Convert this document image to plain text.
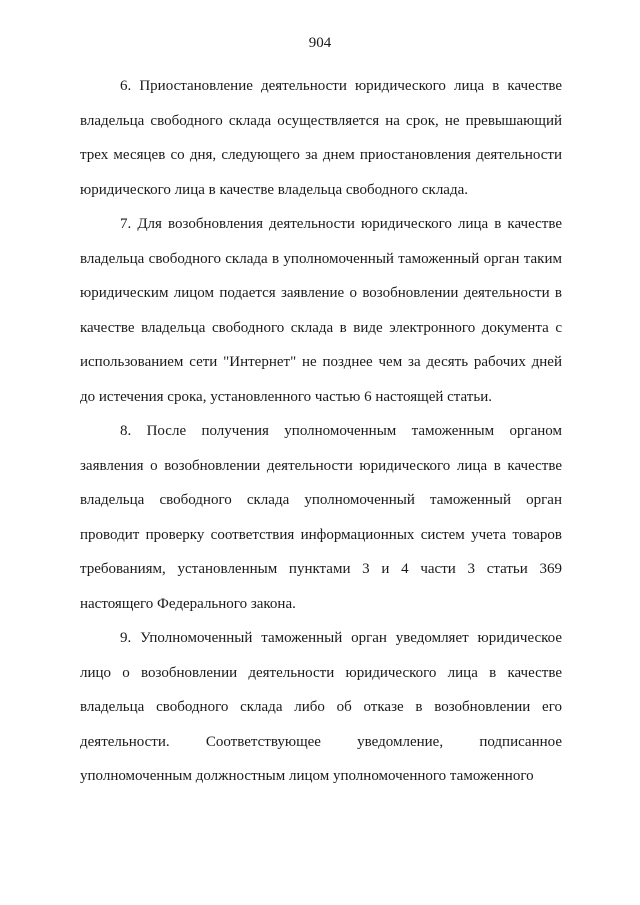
904

6. Приостановление деятельности юридического лица в качестве владельца свободного склада осуществляется на срок, не превышающий трех месяцев со дня, следующего за днем приостановления деятельности юридического лица в качестве владельца свободного склада.

7. Для возобновления деятельности юридического лица в качестве владельца свободного склада в уполномоченный таможенный орган таким юридическим лицом подается заявление о возобновлении деятельности в качестве владельца свободного склада в виде электронного документа с использованием сети "Интернет" не позднее чем за десять рабочих дней до истечения срока, установленного частью 6 настоящей статьи.

8. После получения уполномоченным таможенным органом заявления о возобновлении деятельности юридического лица в качестве владельца свободного склада уполномоченный таможенный орган проводит проверку соответствия информационных систем учета товаров требованиям, установленным пунктами 3 и 4 части 3 статьи 369 настоящего Федерального закона.

9. Уполномоченный таможенный орган уведомляет юридическое лицо о возобновлении деятельности юридического лица в качестве владельца свободного склада либо об отказе в возобновлении его деятельности. Соответствующее уведомление, подписанное уполномоченным должностным лицом уполномоченного таможенного
